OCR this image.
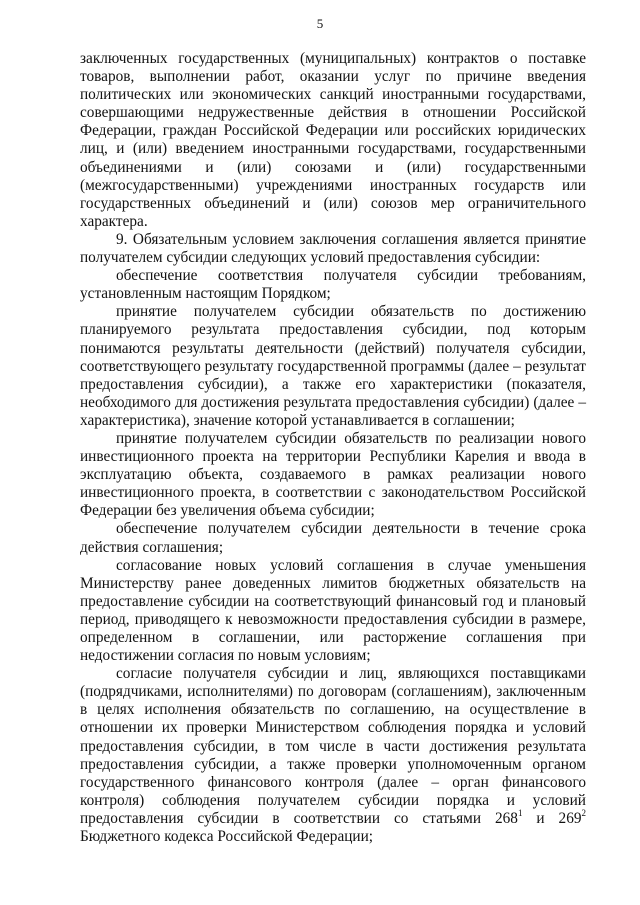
5

заключенных государственных (муниципальных) контрактов о поставке товаров, выполнении работ, оказании услуг по причине введения политических или экономических санкций иностранными государствами, совершающими недружественные действия в отношении Российской Федерации, граждан Российской Федерации или российских юридических лиц, и (или) введением иностранными государствами, государственными объединениями и (или) союзами и (или) государственными (межгосударственными) учреждениями иностранных государств или государственных объединений и (или) союзов мер ограничительного характера.

9. Обязательным условием заключения соглашения является принятие получателем субсидии следующих условий предоставления субсидии:

обеспечение соответствия получателя субсидии требованиям, установленным настоящим Порядком;

принятие получателем субсидии обязательств по достижению планируемого результата предоставления субсидии, под которым понимаются результаты деятельности (действий) получателя субсидии, соответствующего результату государственной программы (далее – результат предоставления субсидии), а также его характеристики (показателя, необходимого для достижения результата предоставления субсидии) (далее – характеристика), значение которой устанавливается в соглашении;

принятие получателем субсидии обязательств по реализации нового инвестиционного проекта на территории Республики Карелия и ввода в эксплуатацию объекта, создаваемого в рамках реализации нового инвестиционного проекта, в соответствии с законодательством Российской Федерации без увеличения объема субсидии;

обеспечение получателем субсидии деятельности в течение срока действия соглашения;

согласование новых условий соглашения в случае уменьшения Министерству ранее доведенных лимитов бюджетных обязательств на предоставление субсидии на соответствующий финансовый год и плановый период, приводящего к невозможности предоставления субсидии в размере, определенном в соглашении, или расторжение соглашения при недостижении согласия по новым условиям;

согласие получателя субсидии и лиц, являющихся поставщиками (подрядчиками, исполнителями) по договорам (соглашениям), заключенным в целях исполнения обязательств по соглашению, на осуществление в отношении их проверки Министерством соблюдения порядка и условий предоставления субсидии, в том числе в части достижения результата предоставления субсидии, а также проверки уполномоченным органом государственного финансового контроля (далее – орган финансового контроля) соблюдения получателем субсидии порядка и условий предоставления субсидии в соответствии со статьями $268^1$ и $269^2$ Бюджетного кодекса Российской Федерации;
